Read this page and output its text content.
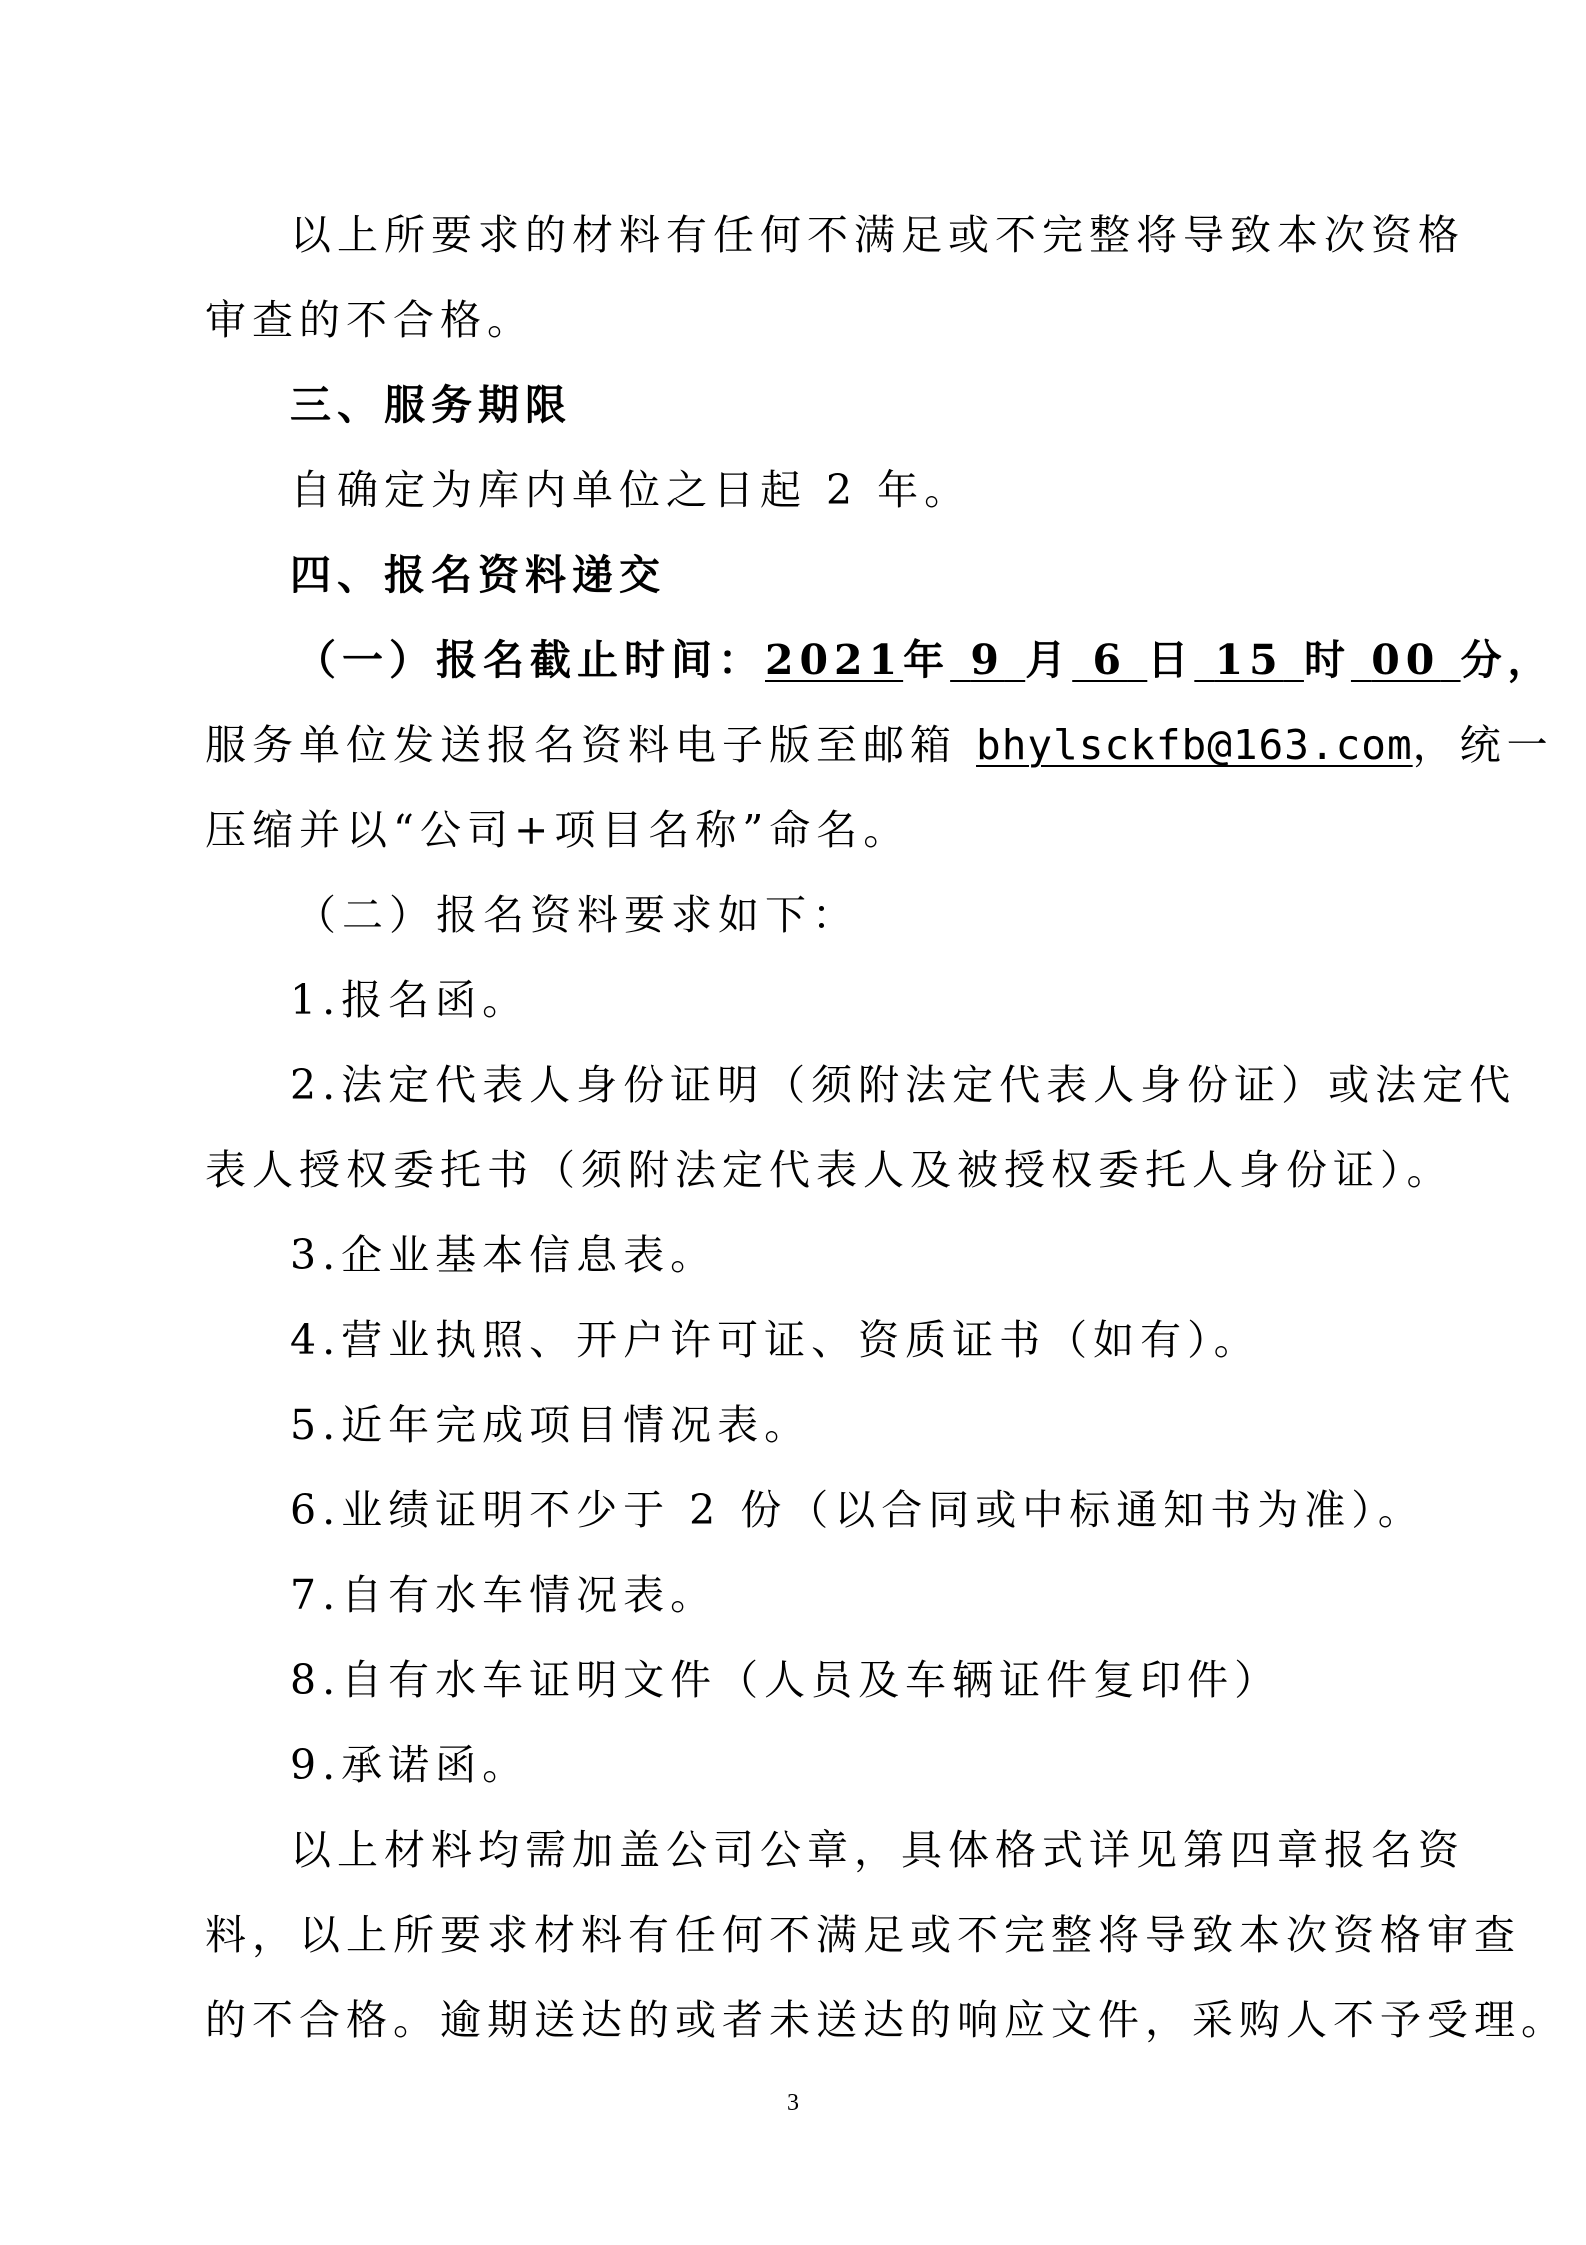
以上所要求的材料有任何不满足或不完整将导致本次资格
审查的不合格。
三、服务期限
自确定为库内单位之日起 2 年。
四、报名资料递交
（一）报名截止时间：2021年 9 月 6 日 15 时 00 分，
服务单位发送报名资料电子版至邮箱 bhylsckfb@163.com，统一
压缩并以“公司+项目名称”命名。
（二）报名资料要求如下：
1.报名函。
2.法定代表人身份证明（须附法定代表人身份证）或法定代
表人授权委托书（须附法定代表人及被授权委托人身份证）。
3.企业基本信息表。
4.营业执照、开户许可证、资质证书（如有）。
5.近年完成项目情况表。
6.业绩证明不少于 2 份（以合同或中标通知书为准）。
7.自有水车情况表。
8.自有水车证明文件（人员及车辆证件复印件）
9.承诺函。
以上材料均需加盖公司公章，具体格式详见第四章报名资
料，以上所要求材料有任何不满足或不完整将导致本次资格审查
的不合格。逾期送达的或者未送达的响应文件，采购人不予受理。
3
